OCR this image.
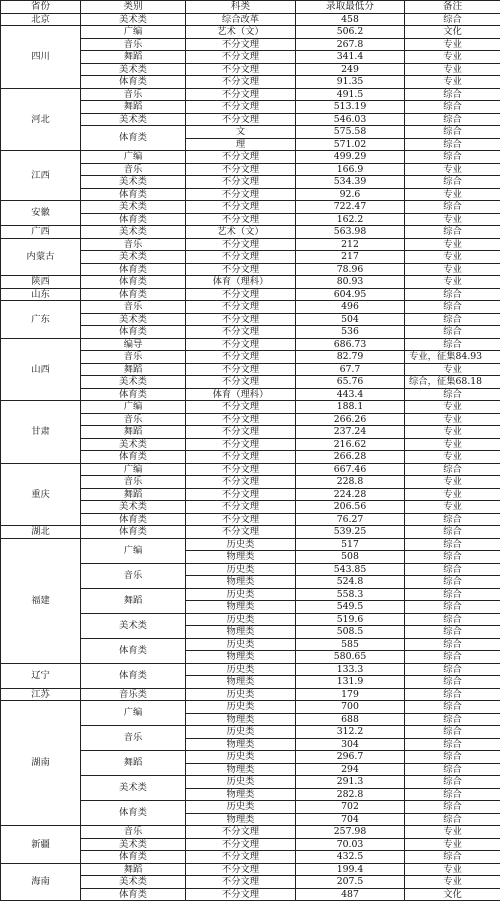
省份	类别	科类	录取最低分	备注
北京	美术类	综合改革	458	综合
四川	广编	艺术（文）	506.2	文化
	音乐	不分文理	267.8	专业
	舞蹈	不分文理	341.4	专业
	美术类	不分文理	249	专业
	体育类	不分文理	91.35	专业
河北	音乐	不分文理	491.5	综合
	舞蹈	不分文理	513.19	综合
	美术类	不分文理	546.03	综合
	体育类	文	575.58	综合
		理	571.02	综合
江西	广编	不分文理	499.29	综合
	音乐	不分文理	166.9	专业
	美术类	不分文理	534.39	综合
	体育类	不分文理	92.6	专业
安徽	美术类	不分文理	722.47	综合
	体育类	不分文理	162.2	专业
广西	美术类	艺术（文）	563.98	综合
内蒙古	音乐	不分文理	212	专业
	美术类	不分文理	217	专业
	体育类	不分文理	78.96	专业
陕西	体育类	体育（理科）	80.93	专业
山东	体育类	不分文理	604.95	综合
广东	音乐	不分文理	496	综合
	美术类	不分文理	504	综合
	体育类	不分文理	536	综合
山西	编导	不分文理	686.73	综合
	音乐	不分文理	82.79	专业，征集84.93
	舞蹈	不分文理	67.7	专业
	美术类	不分文理	65.76	综合，征集68.18
	体育类	体育（理科）	443.4	综合
甘肃	广编	不分文理	188.1	专业
	音乐	不分文理	266.26	专业
	舞蹈	不分文理	237.24	专业
	美术类	不分文理	216.62	专业
	体育类	不分文理	266.28	专业
重庆	广编	不分文理	667.46	综合
	音乐	不分文理	228.8	专业
	舞蹈	不分文理	224.28	专业
	美术类	不分文理	206.56	专业
	体育类	不分文理	76.27	综合
湖北	体育类	不分文理	539.25	综合
福建	广编	历史类	517	综合
		物理类	508	综合
	音乐	历史类	543.85	综合
		物理类	524.8	综合
	舞蹈	历史类	558.3	综合
		物理类	549.5	综合
	美术类	历史类	519.6	综合
		物理类	508.5	综合
	体育类	历史类	585	综合
		物理类	580.65	综合
辽宁	体育类	历史类	133.3	综合
		物理类	131.9	综合
江苏	音乐类	历史类	179	综合
湖南	广编	历史类	700	综合
		物理类	688	综合
	音乐	历史类	312.2	综合
		物理类	304	综合
	舞蹈	历史类	296.7	综合
		物理类	294	综合
	美术类	历史类	291.3	综合
		物理类	282.8	综合
	体育类	历史类	702	综合
		物理类	704	综合
新疆	音乐	不分文理	257.98	专业
	美术类	不分文理	70.03	专业
	体育类	不分文理	432.5	综合
海南	舞蹈	不分文理	199.4	专业
	美术类	不分文理	207.5	专业
	体育类	不分文理	487	文化
